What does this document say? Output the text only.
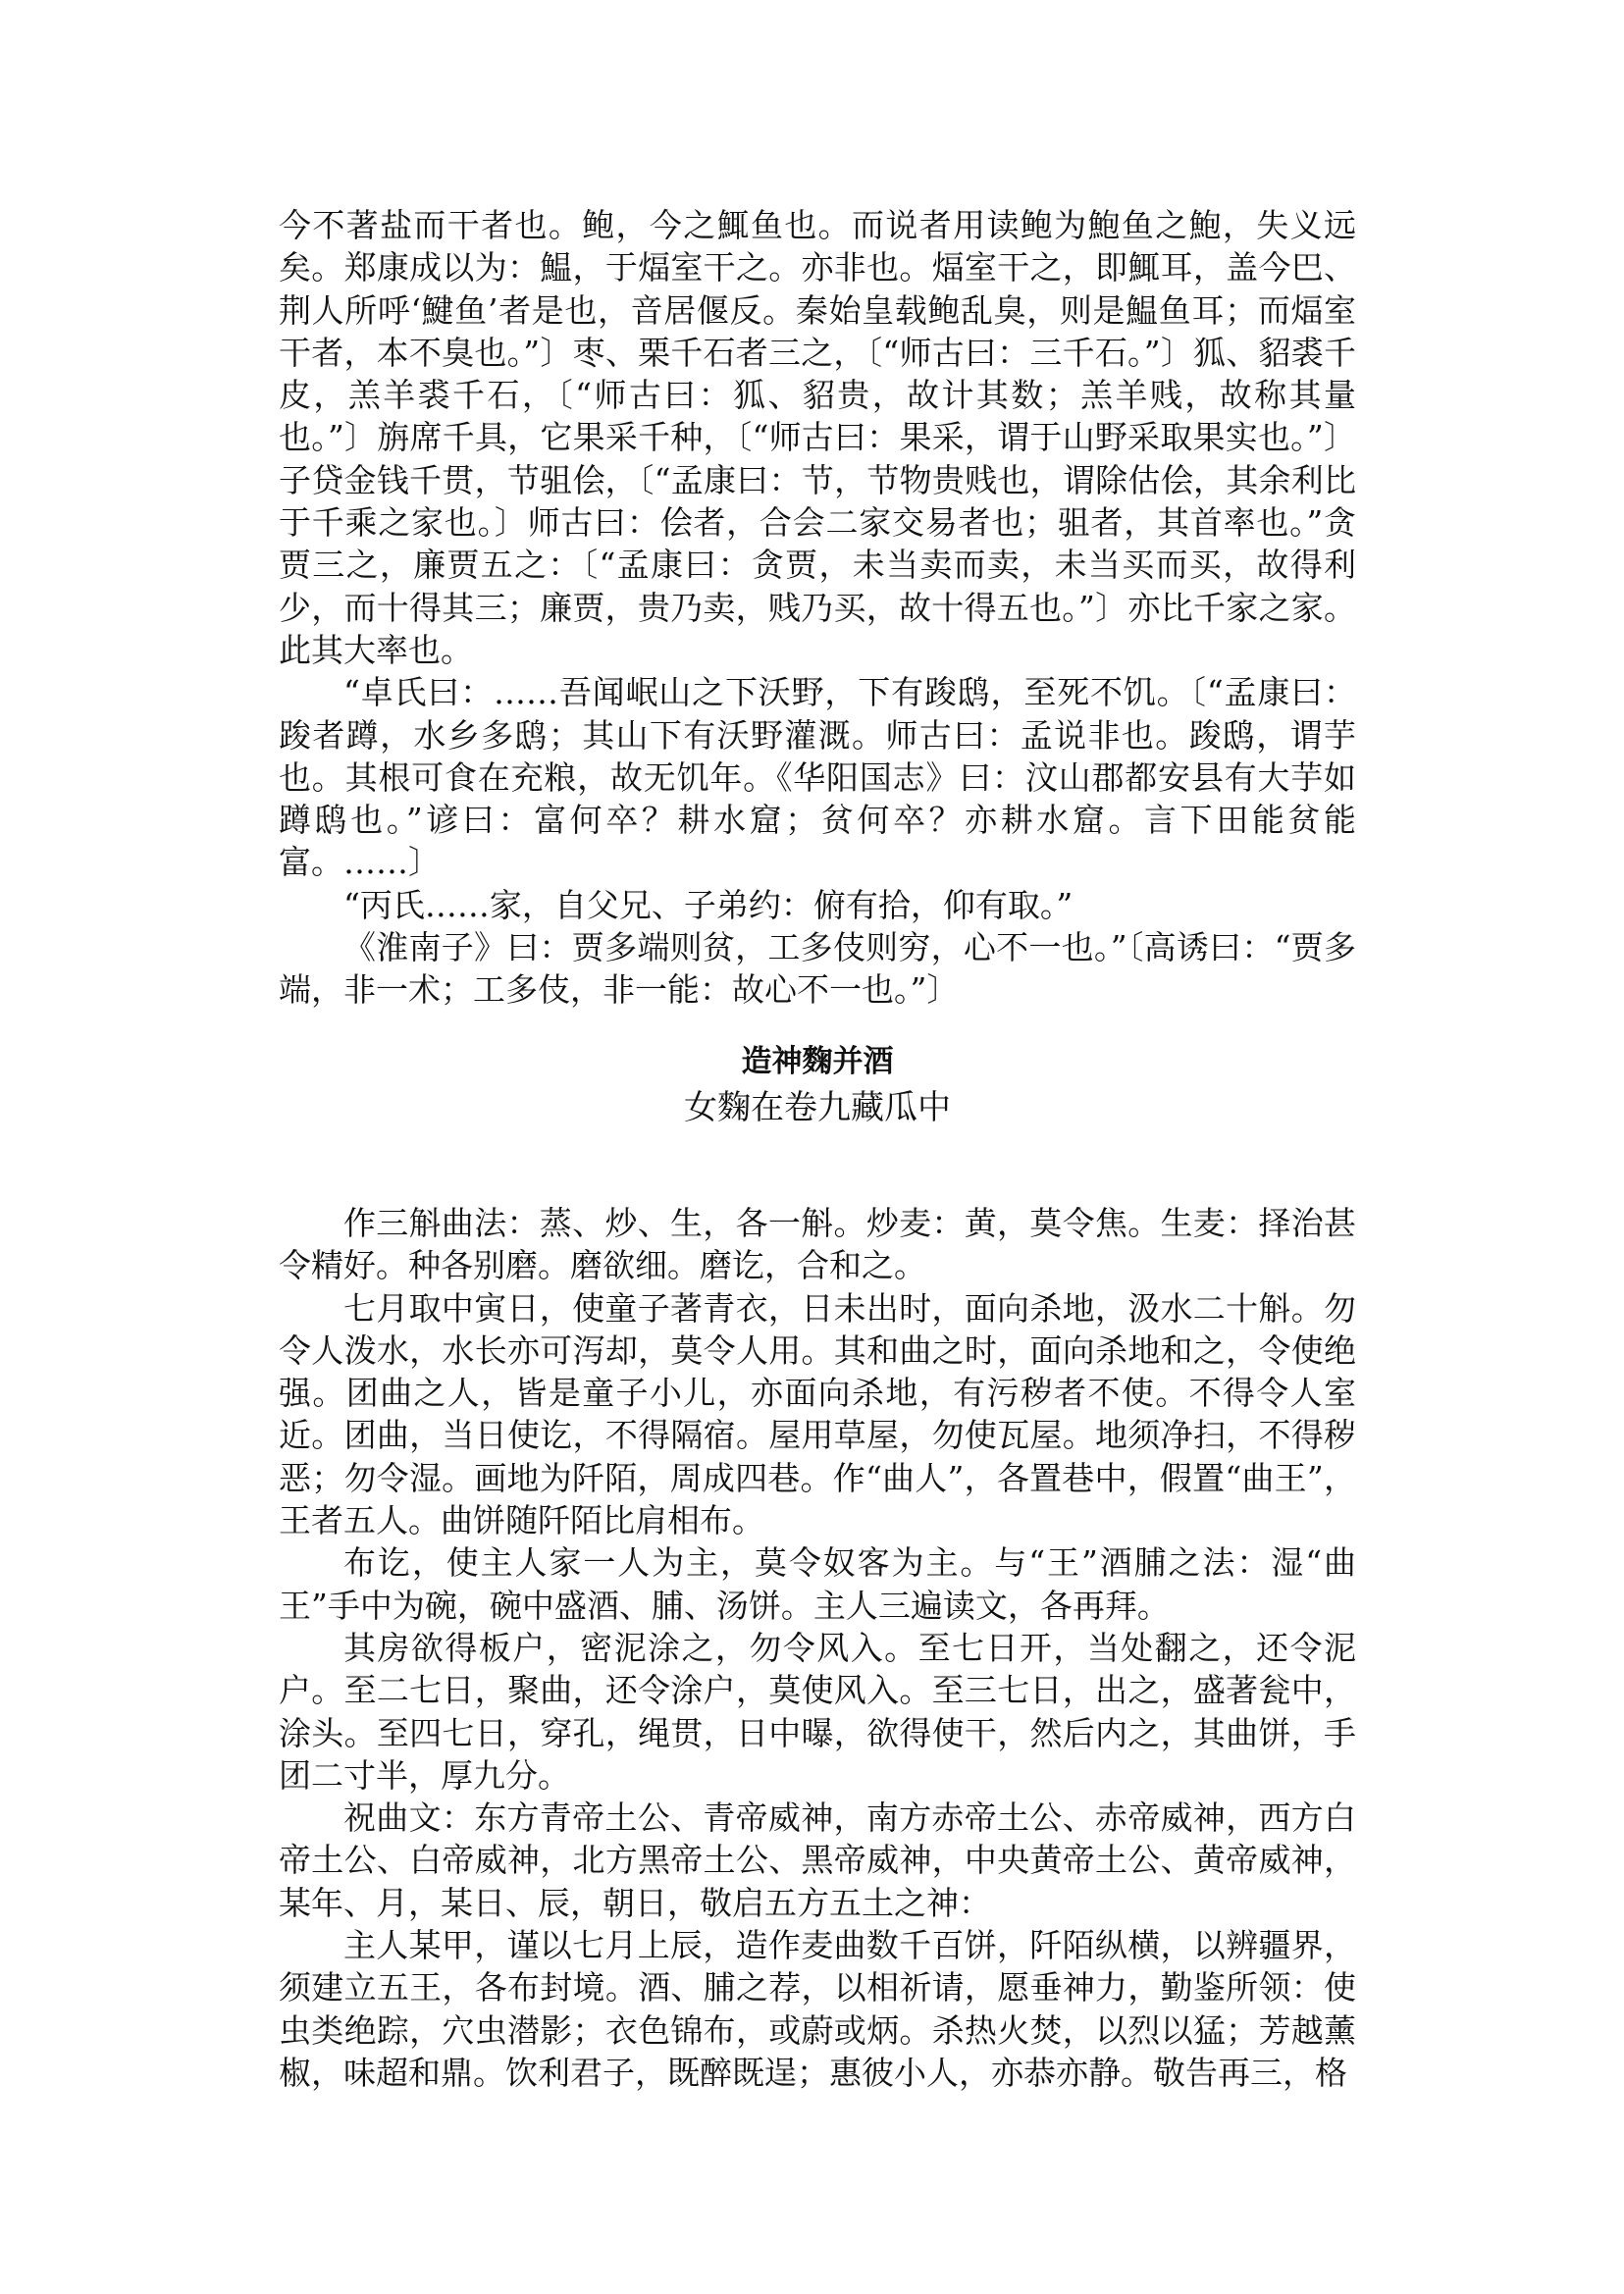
今不著盐而干者也。鲍，今之鮿鱼也。而说者用读鲍为鮑鱼之鮑，失义远矣。郑康成以为：鰛，于煏室干之。亦非也。煏室干之，即鮿耳，盖今巴、荆人所呼‘鰎鱼’者是也，音居偃反。秦始皇载鲍乱臭，则是鰛鱼耳；而煏室干者，本不臭也。”〕枣、栗千石者三之，〔“师古曰：三千石。”〕狐、貂裘千皮，羔羊裘千石，〔“师古曰：狐、貂贵，故计其数；羔羊贱，故称其量也。”〕旃席千具，它果采千种，〔“师古曰：果采，谓于山野采取果实也。”〕子贷金钱千贯，节驵侩，〔“孟康曰：节，节物贵贱也，谓除估侩，其余利比于千乘之家也。〕师古曰：侩者，合会二家交易者也；驵者，其首率也。”贪贾三之，廉贾五之：〔“孟康曰：贪贾，未当卖而卖，未当买而买，故得利少，而十得其三；廉贾，贵乃卖，贱乃买，故十得五也。”〕亦比千家之家。此其大率也。

“卓氏曰：……吾闻岷山之下沃野，下有踆鸱，至死不饥。〔“孟康曰：踆者蹲，水乡多鸱；其山下有沃野灌溉。师古曰：孟说非也。踆鸱，谓芋也。其根可食在充粮，故无饥年。《华阳国志》曰：汶山郡都安县有大芋如蹲鸱也。”谚曰：富何卒？耕水窟；贫何卒？亦耕水窟。言下田能贫能富。……〕

“丙氏……家，自父兄、子弟约：俯有拾，仰有取。”

《淮南子》曰：贾多端则贫，工多伎则穷，心不一也。”〔高诱曰：“贾多端，非一术；工多伎，非一能：故心不一也。”〕

造神麴并酒
女麴在卷九藏瓜中

作三斛曲法：蒸、炒、生，各一斛。炒麦：黄，莫令焦。生麦：择治甚令精好。种各别磨。磨欲细。磨讫，合和之。

七月取中寅日，使童子著青衣，日未出时，面向杀地，汲水二十斛。勿令人泼水，水长亦可泻却，莫令人用。其和曲之时，面向杀地和之，令使绝强。团曲之人，皆是童子小儿，亦面向杀地，有污秽者不使。不得令人室近。团曲，当日使讫，不得隔宿。屋用草屋，勿使瓦屋。地须净扫，不得秽恶；勿令湿。画地为阡陌，周成四巷。作“曲人”，各置巷中，假置“曲王”，王者五人。曲饼随阡陌比肩相布。

布讫，使主人家一人为主，莫令奴客为主。与“王”酒脯之法：湿“曲王”手中为碗，碗中盛酒、脯、汤饼。主人三遍读文，各再拜。

其房欲得板户，密泥涂之，勿令风入。至七日开，当处翻之，还令泥户。至二七日，聚曲，还令涂户，莫使风入。至三七日，出之，盛著瓮中，涂头。至四七日，穿孔，绳贯，日中曝，欲得使干，然后内之，其曲饼，手团二寸半，厚九分。

祝曲文：东方青帝土公、青帝威神，南方赤帝土公、赤帝威神，西方白帝土公、白帝威神，北方黑帝土公、黑帝威神，中央黄帝土公、黄帝威神，某年、月，某日、辰，朝日，敬启五方五土之神：

主人某甲，谨以七月上辰，造作麦曲数千百饼，阡陌纵横，以辨疆界，须建立五王，各布封境。酒、脯之荐，以相祈请，愿垂神力，勤鉴所领：使虫类绝踪，穴虫潜影；衣色锦布，或蔚或炳。杀热火焚，以烈以猛；芳越薰椒，味超和鼎。饮利君子，既醉既逞；惠彼小人，亦恭亦静。敬告再三，格
